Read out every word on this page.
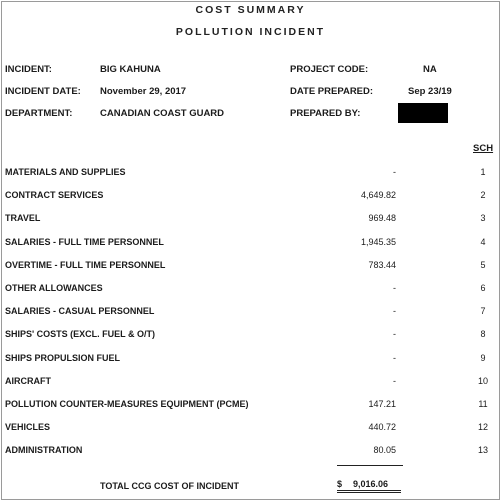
COST SUMMARY
POLLUTION INCIDENT
INCIDENT:	BIG KAHUNA	PROJECT CODE:	NA
INCIDENT DATE: November 29, 2017	DATE PREPARED:	Sep 23/19
DEPARTMENT:	CANADIAN COAST GUARD	PREPARED BY:
SCH
MATERIALS AND SUPPLIES	-	1
CONTRACT SERVICES	4,649.82	2
TRAVEL	969.48	3
SALARIES - FULL TIME PERSONNEL	1,945.35	4
OVERTIME - FULL TIME PERSONNEL	783.44	5
OTHER ALLOWANCES	-	6
SALARIES - CASUAL PERSONNEL	-	7
SHIPS' COSTS (EXCL. FUEL & O/T)	-	8
SHIPS PROPULSION FUEL	-	9
AIRCRAFT	-	10
POLLUTION COUNTER-MEASURES EQUIPMENT (PCME)	147.21	11
VEHICLES	440.72	12
ADMINISTRATION	80.05	13
TOTAL CCG COST OF INCIDENT	$ 9,016.06
